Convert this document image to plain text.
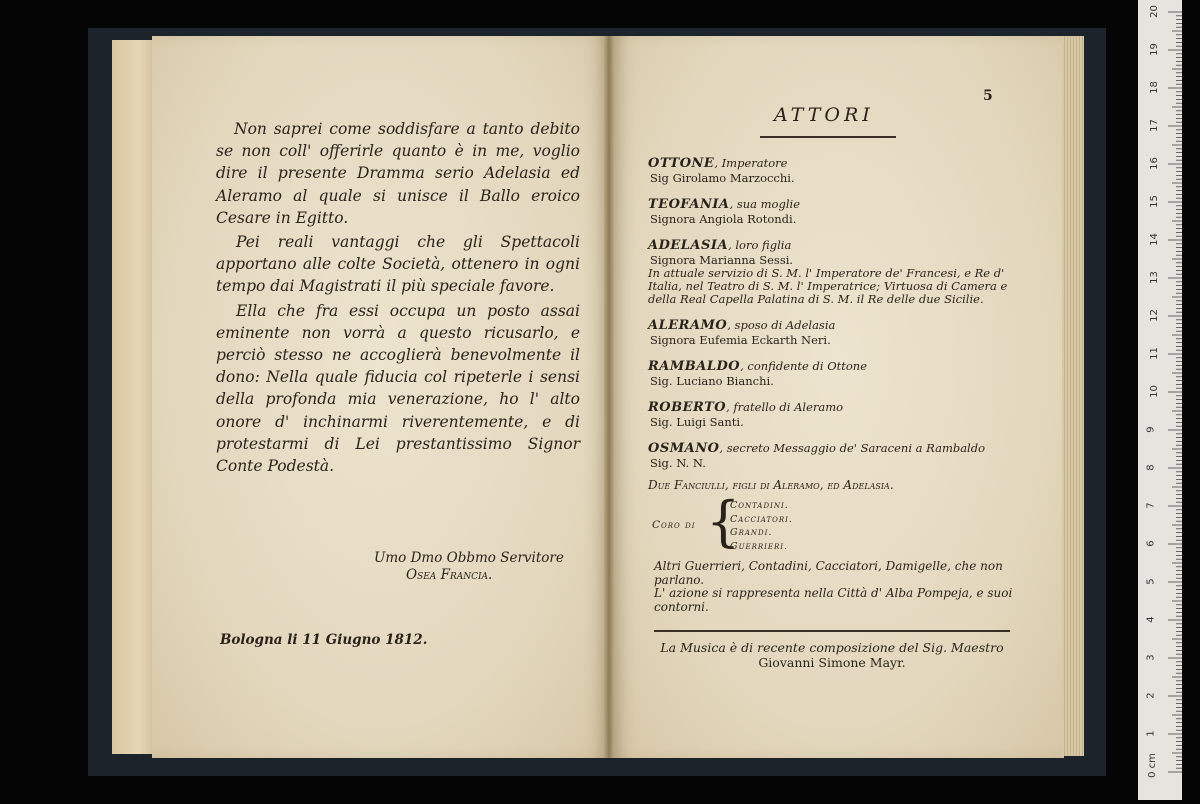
Non saprei come soddisfare a tanto debito se non coll' offerirle quanto è in me, voglio dire il presente Dramma serio Adelasia ed Aleramo al quale si unisce il Ballo eroico Cesare in Egitto.

Pei reali vantaggi che gli Spettacoli apportano alle colte Società, ottenero in ogni tempo dai Magistrati il più speciale favore.

Ella che fra essi occupa un posto assai eminente non vorrà a questo ricusarlo, e perciò stesso ne accoglierà benevolmente il dono: Nella quale fiducia col ripeterle i sensi della profonda mia venerazione, ho l' alto onore d' inchinarmi riverentemente, e di protestarmi di Lei prestantissimo Signor Conte Podestà.

Umo Dmo Obbmo Servitore
Osea Francia.
Bologna li 11 Giugno 1812.
5
ATTORI
OTTONE, Imperatore
Sig Girolamo Marzocchi.
TEOFANIA, sua moglie
Signora Angiola Rotondi.
ADELASIA, loro figlia
Signora Marianna Sessi.
In attuale servizio di S. M. l' Imperatore de' Francesi, e Re d' Italia, nel Teatro di S. M. l' Imperatrice; Virtuosa di Camera e della Real Capella Palatina di S. M. il Re delle due Sicilie.
ALERAMO, sposo di Adelasia
Signora Eufemia Eckarth Neri.
RAMBALDO, confidente di Ottone
Sig. Luciano Bianchi.
ROBERTO, fratello di Aleramo
Sig. Luigi Santi.
OSMANO, secreto Messaggio de' Saraceni a Rambaldo
Sig. N. N.
Due Fanciulli, figli di Aleramo, ed Adelasia.
Coro di {
Contadini.
Cacciatori.
Grandi.
Guerrieri.
Altri Guerrieri, Contadini, Cacciatori, Damigelle, che non parlano.
L' azione si rappresenta nella Città d' Alba Pompeja, e suoi contorni.
La Musica è di recente composizione del Sig. Maestro
Giovanni Simone Mayr.
0 cm
1
2
3
4
5
6
7
8
9
10
11
12
13
14
15
16
17
18
19
20
